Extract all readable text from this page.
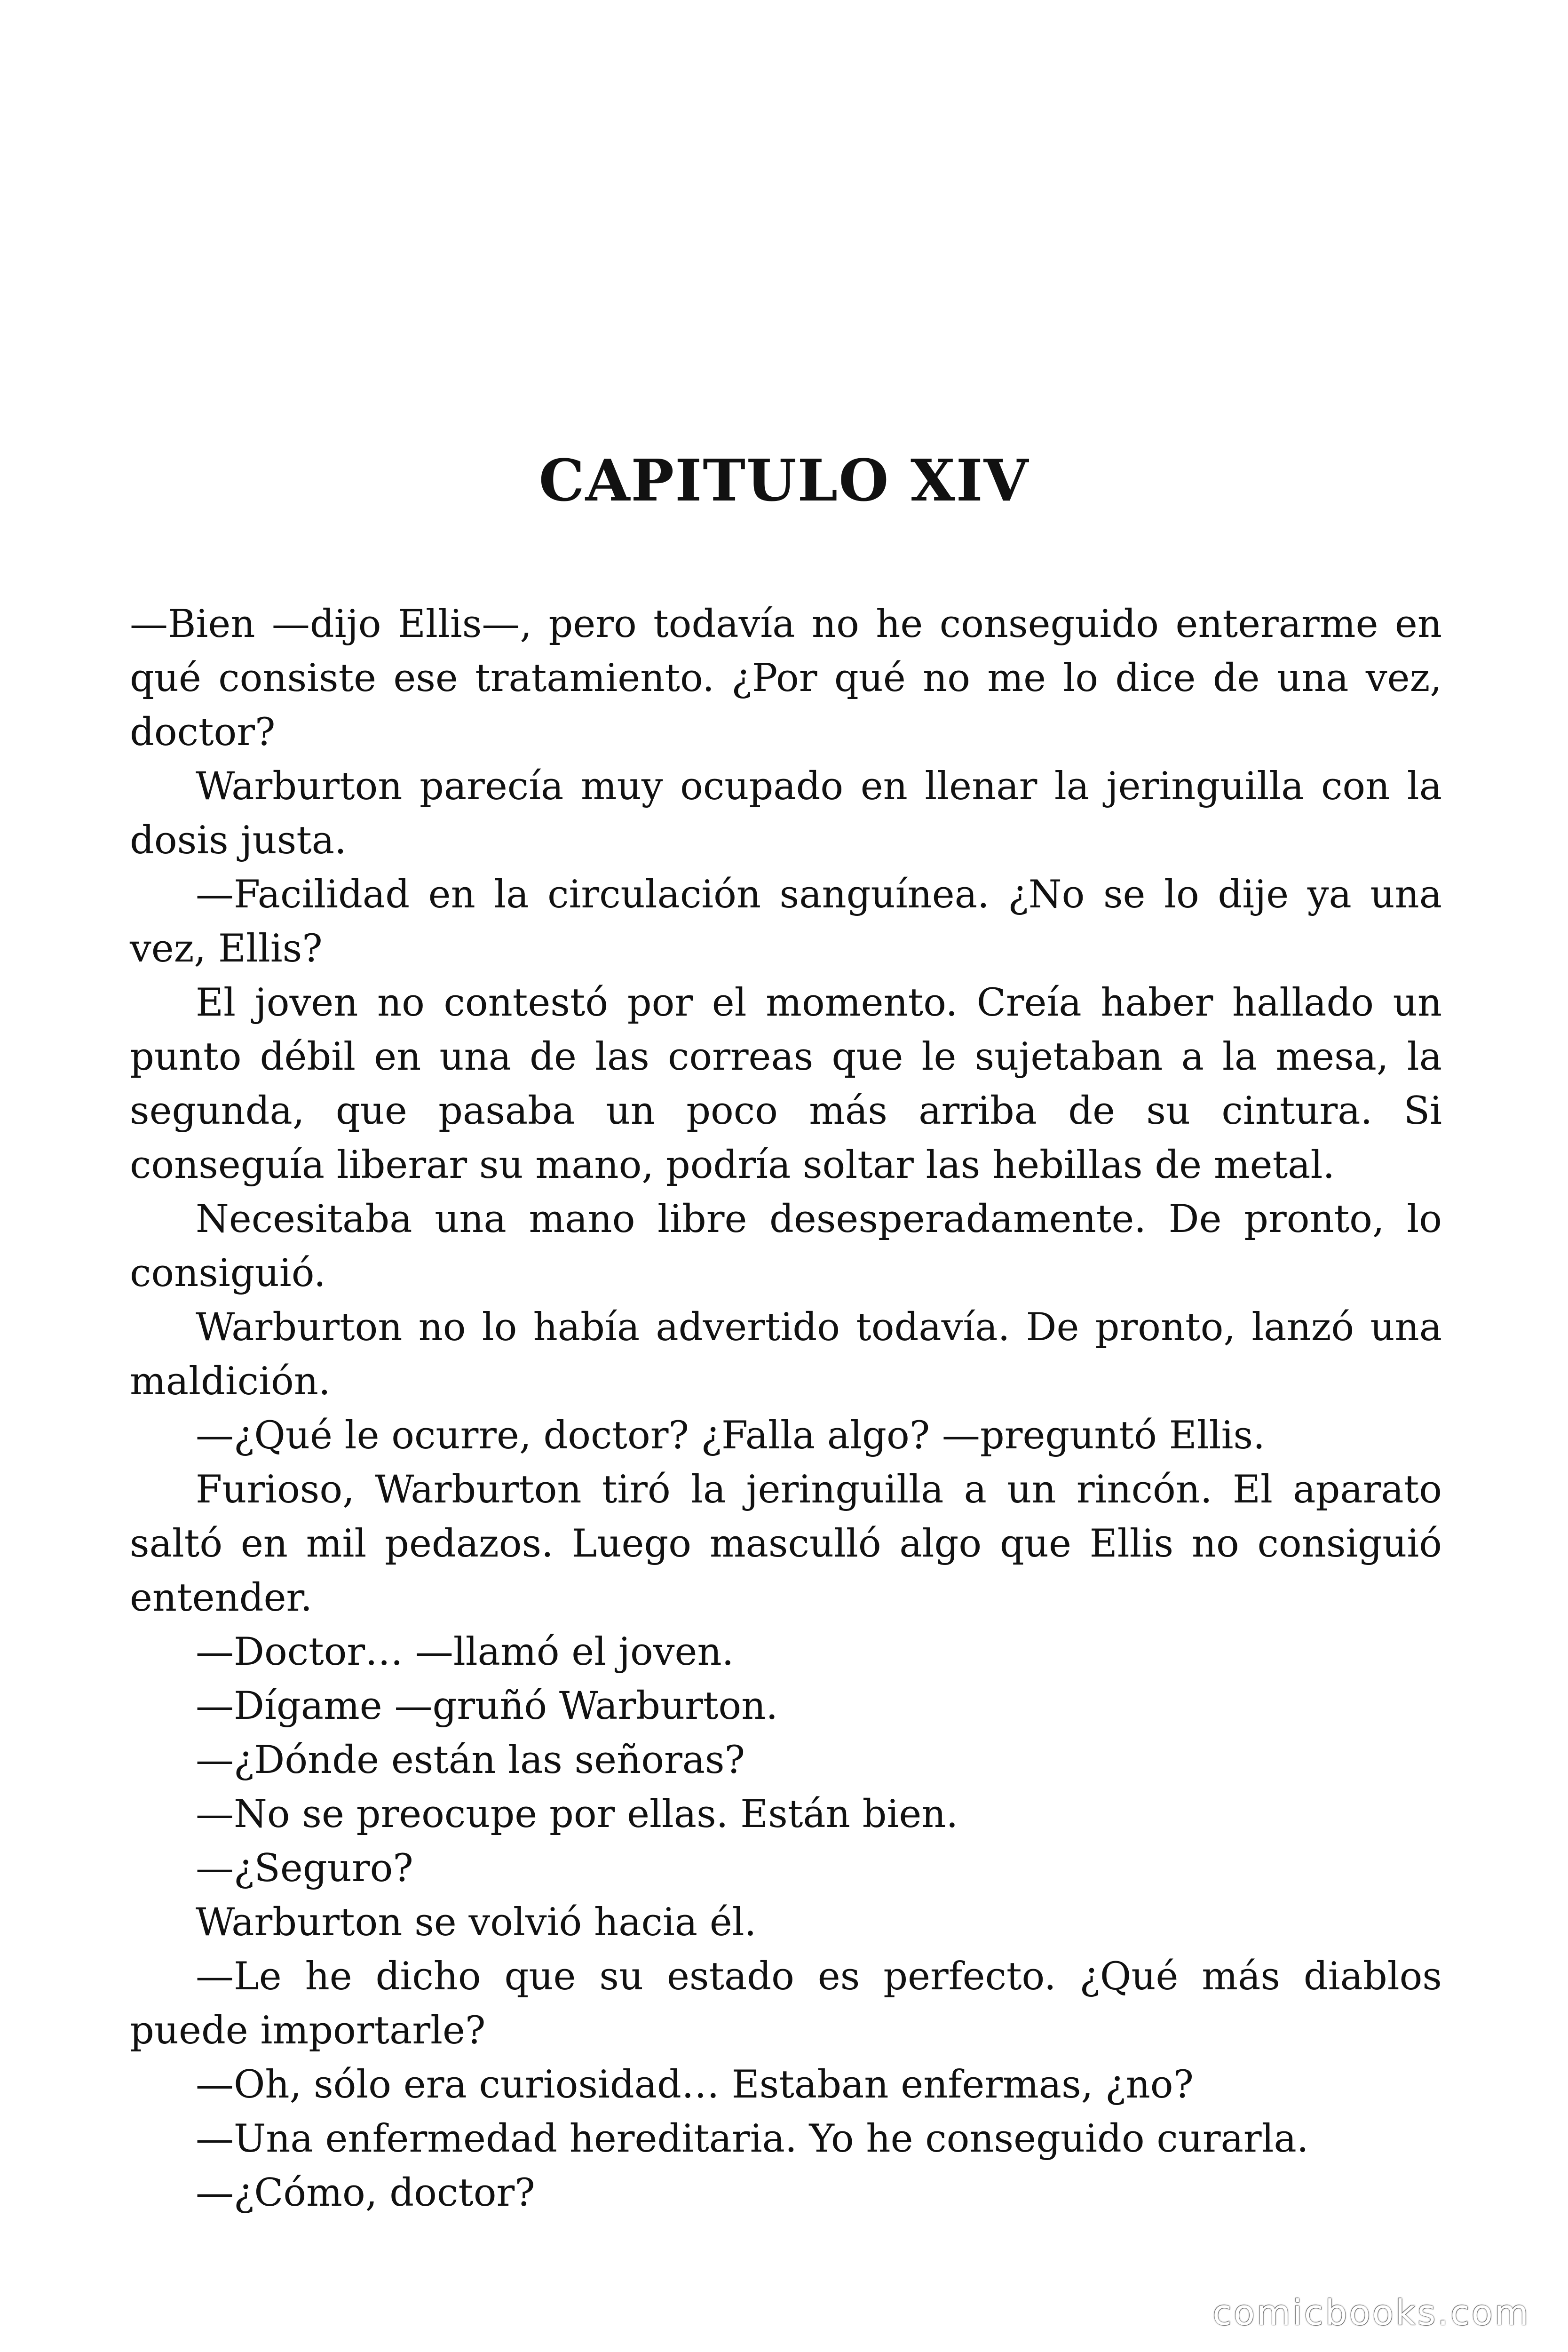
CAPITULO XIV

—Bien —dijo Ellis—, pero todavía no he conseguido enterarme en qué consiste ese tratamiento. ¿Por qué no me lo dice de una vez, doctor?

Warburton parecía muy ocupado en llenar la jeringuilla con la dosis justa.

—Facilidad en la circulación sanguínea. ¿No se lo dije ya una vez, Ellis?

El joven no contestó por el momento. Creía haber hallado un punto débil en una de las correas que le sujetaban a la mesa, la segunda, que pasaba un poco más arriba de su cintura. Si conseguía liberar su mano, podría soltar las hebillas de metal.

Necesitaba una mano libre desesperadamente. De pronto, lo consiguió.

Warburton no lo había advertido todavía. De pronto, lanzó una maldición.

—¿Qué le ocurre, doctor? ¿Falla algo? —preguntó Ellis.

Furioso, Warburton tiró la jeringuilla a un rincón. El aparato saltó en mil pedazos. Luego masculló algo que Ellis no consiguió entender.

—Doctor… —llamó el joven.

—Dígame —gruñó Warburton.

—¿Dónde están las señoras?

—No se preocupe por ellas. Están bien.

—¿Seguro?

Warburton se volvió hacia él.

—Le he dicho que su estado es perfecto. ¿Qué más diablos puede importarle?

—Oh, sólo era curiosidad… Estaban enfermas, ¿no?

—Una enfermedad hereditaria. Yo he conseguido curarla.

—¿Cómo, doctor?

comicbooks.com
